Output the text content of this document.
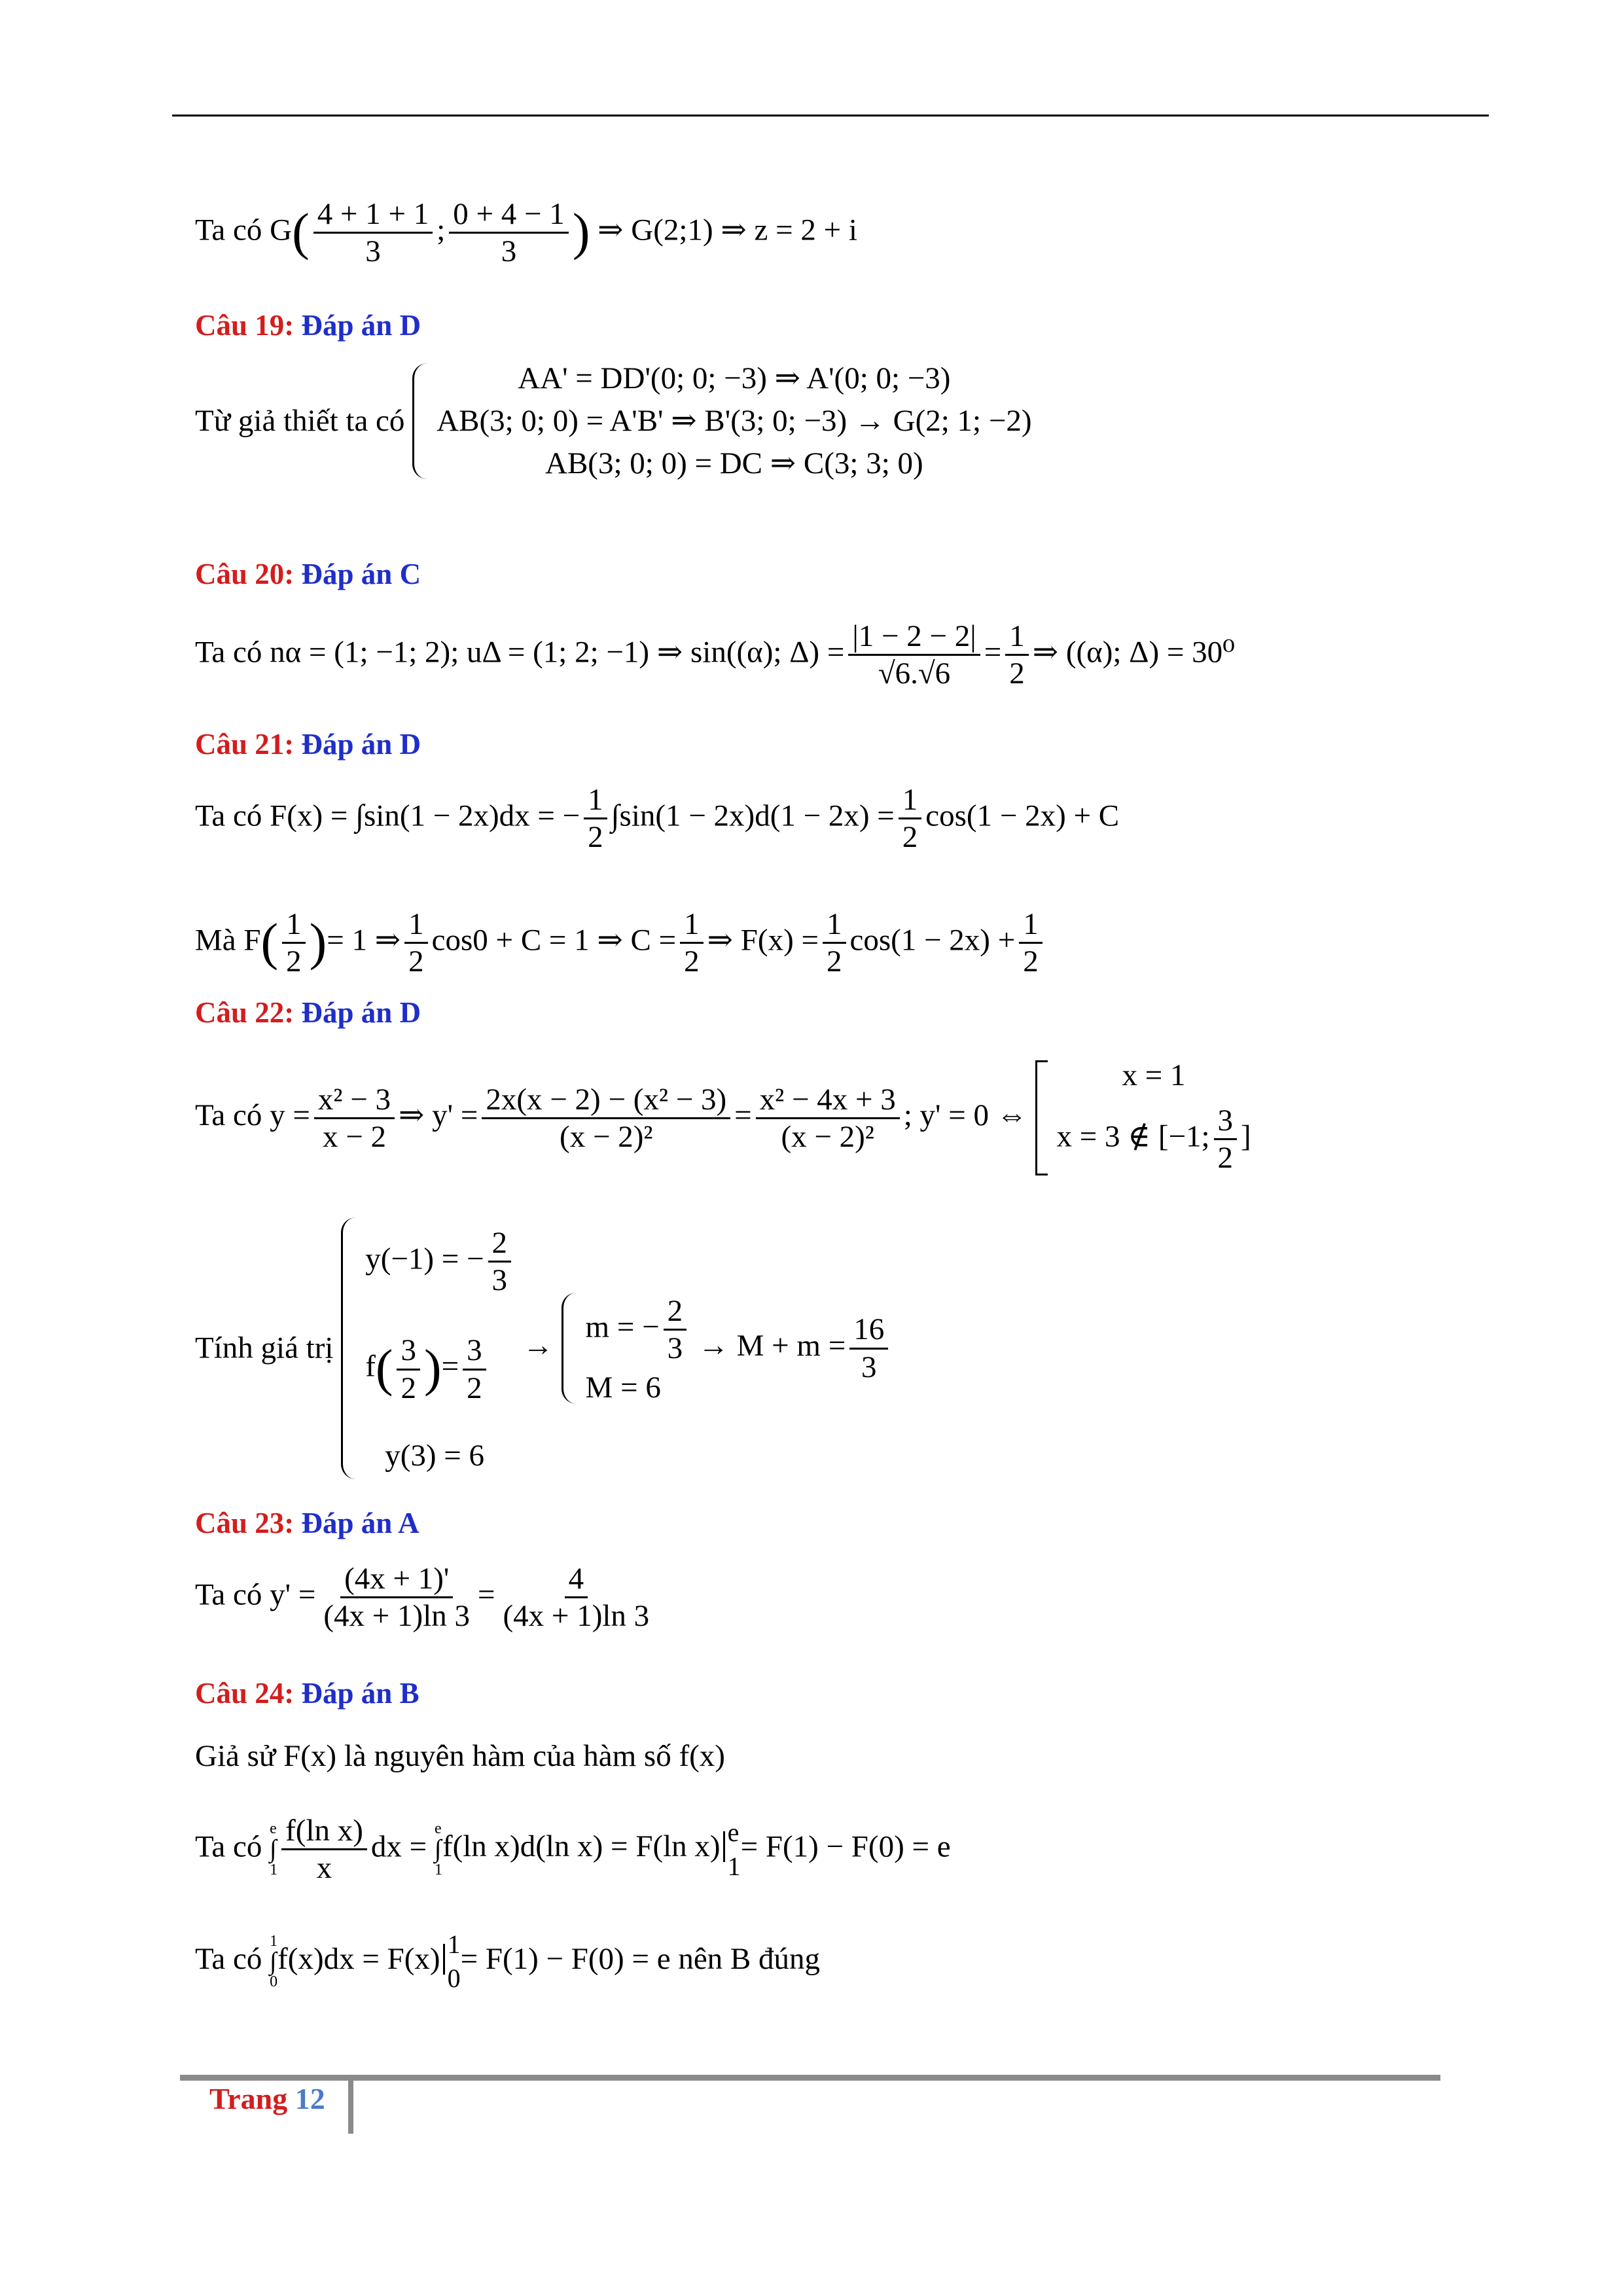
Ta có $G( \frac{4 + 1 + 1}{3}$ ; $\frac{0 + 4 - 1}{3}$ ) ⇒ G(2;1) ⇒ z = 2 + i
Câu 19: Đáp án D
Từ giả thiết ta có
AA' = DD'(0; 0; −3) ⇒ A'(0; 0; −3)
AB(3; 0; 0) = A'B' ⇒ B'(3; 0; −3) → G(2; 1; −2)
AB(3; 0; 0) = DC ⇒ C(3; 3; 0)
Câu 20: Đáp án C
Ta có nα = (1; −1; 2); uΔ = (1; 2; −1) ⇒ sin((α); $\Delta) = \frac{|1 - 2 - 2|}{√6.√6} = \frac{1}{2}$ ⇒ ((α); Δ) = 30⁰
Câu 21: Đáp án D
Ta có F(x) = ∫sin(1 − 2x)dx = − $\frac{1}{2} \int\sin(1 - 2x)d(1 - 2x) = \frac{1}{2} \cos(1 - 2x) + C$
Mà $F( \frac{1}{2}$ )= 1 ⇒ $\frac{1}{2} \cos 0 + C = 1$ ⇒ $C = \frac{1}{2}$ ⇒ $F(x) = \frac{1}{2} \cos(1 - 2x) + \frac{1}{2}$
Câu 22: Đáp án D
Ta có $y = \frac{\text{x² − 3}}{x - 2}$ ⇒ $y' = \frac{\text{2x(x − 2) − (x² − 3)}}{\text{(x − 2)²}} = \frac{\text{x² − 4x + 3}}{\text{(x − 2)²}}$ ; y' = 0 ⇔
x = 1
x = 3 ∉ [−1; $\frac{3}{2}$ ]
Tính giá trị
y(−1) = − $\frac{2}{3}$
$f( \frac{3}{2}$ )= $\frac{3}{2}$
y(3) = 6
→
m = − $\frac{2}{3}$
M = 6
→ $M + m = \frac{16}{3}$
Câu 23: Đáp án A
Ta có $y' = \frac{(4x + 1)'}{(4x + 1)\ln 3} = \frac{4}{(4x + 1)\ln 3}$
Câu 24: Đáp án B
Giả sử F(x) là nguyên hàm của hàm số f(x)
Ta có
e
∫
$1 \frac{\text{f(ln x)}}{x}$ dx =
e
∫
1
f(ln x)d(ln x) = F(ln x) e
1
= F(1) − F(0) = e
Ta có
1
∫
0
f(x)dx = F(x) 1
0
= F(1) − F(0) = e nên B đúng
Trang 12
